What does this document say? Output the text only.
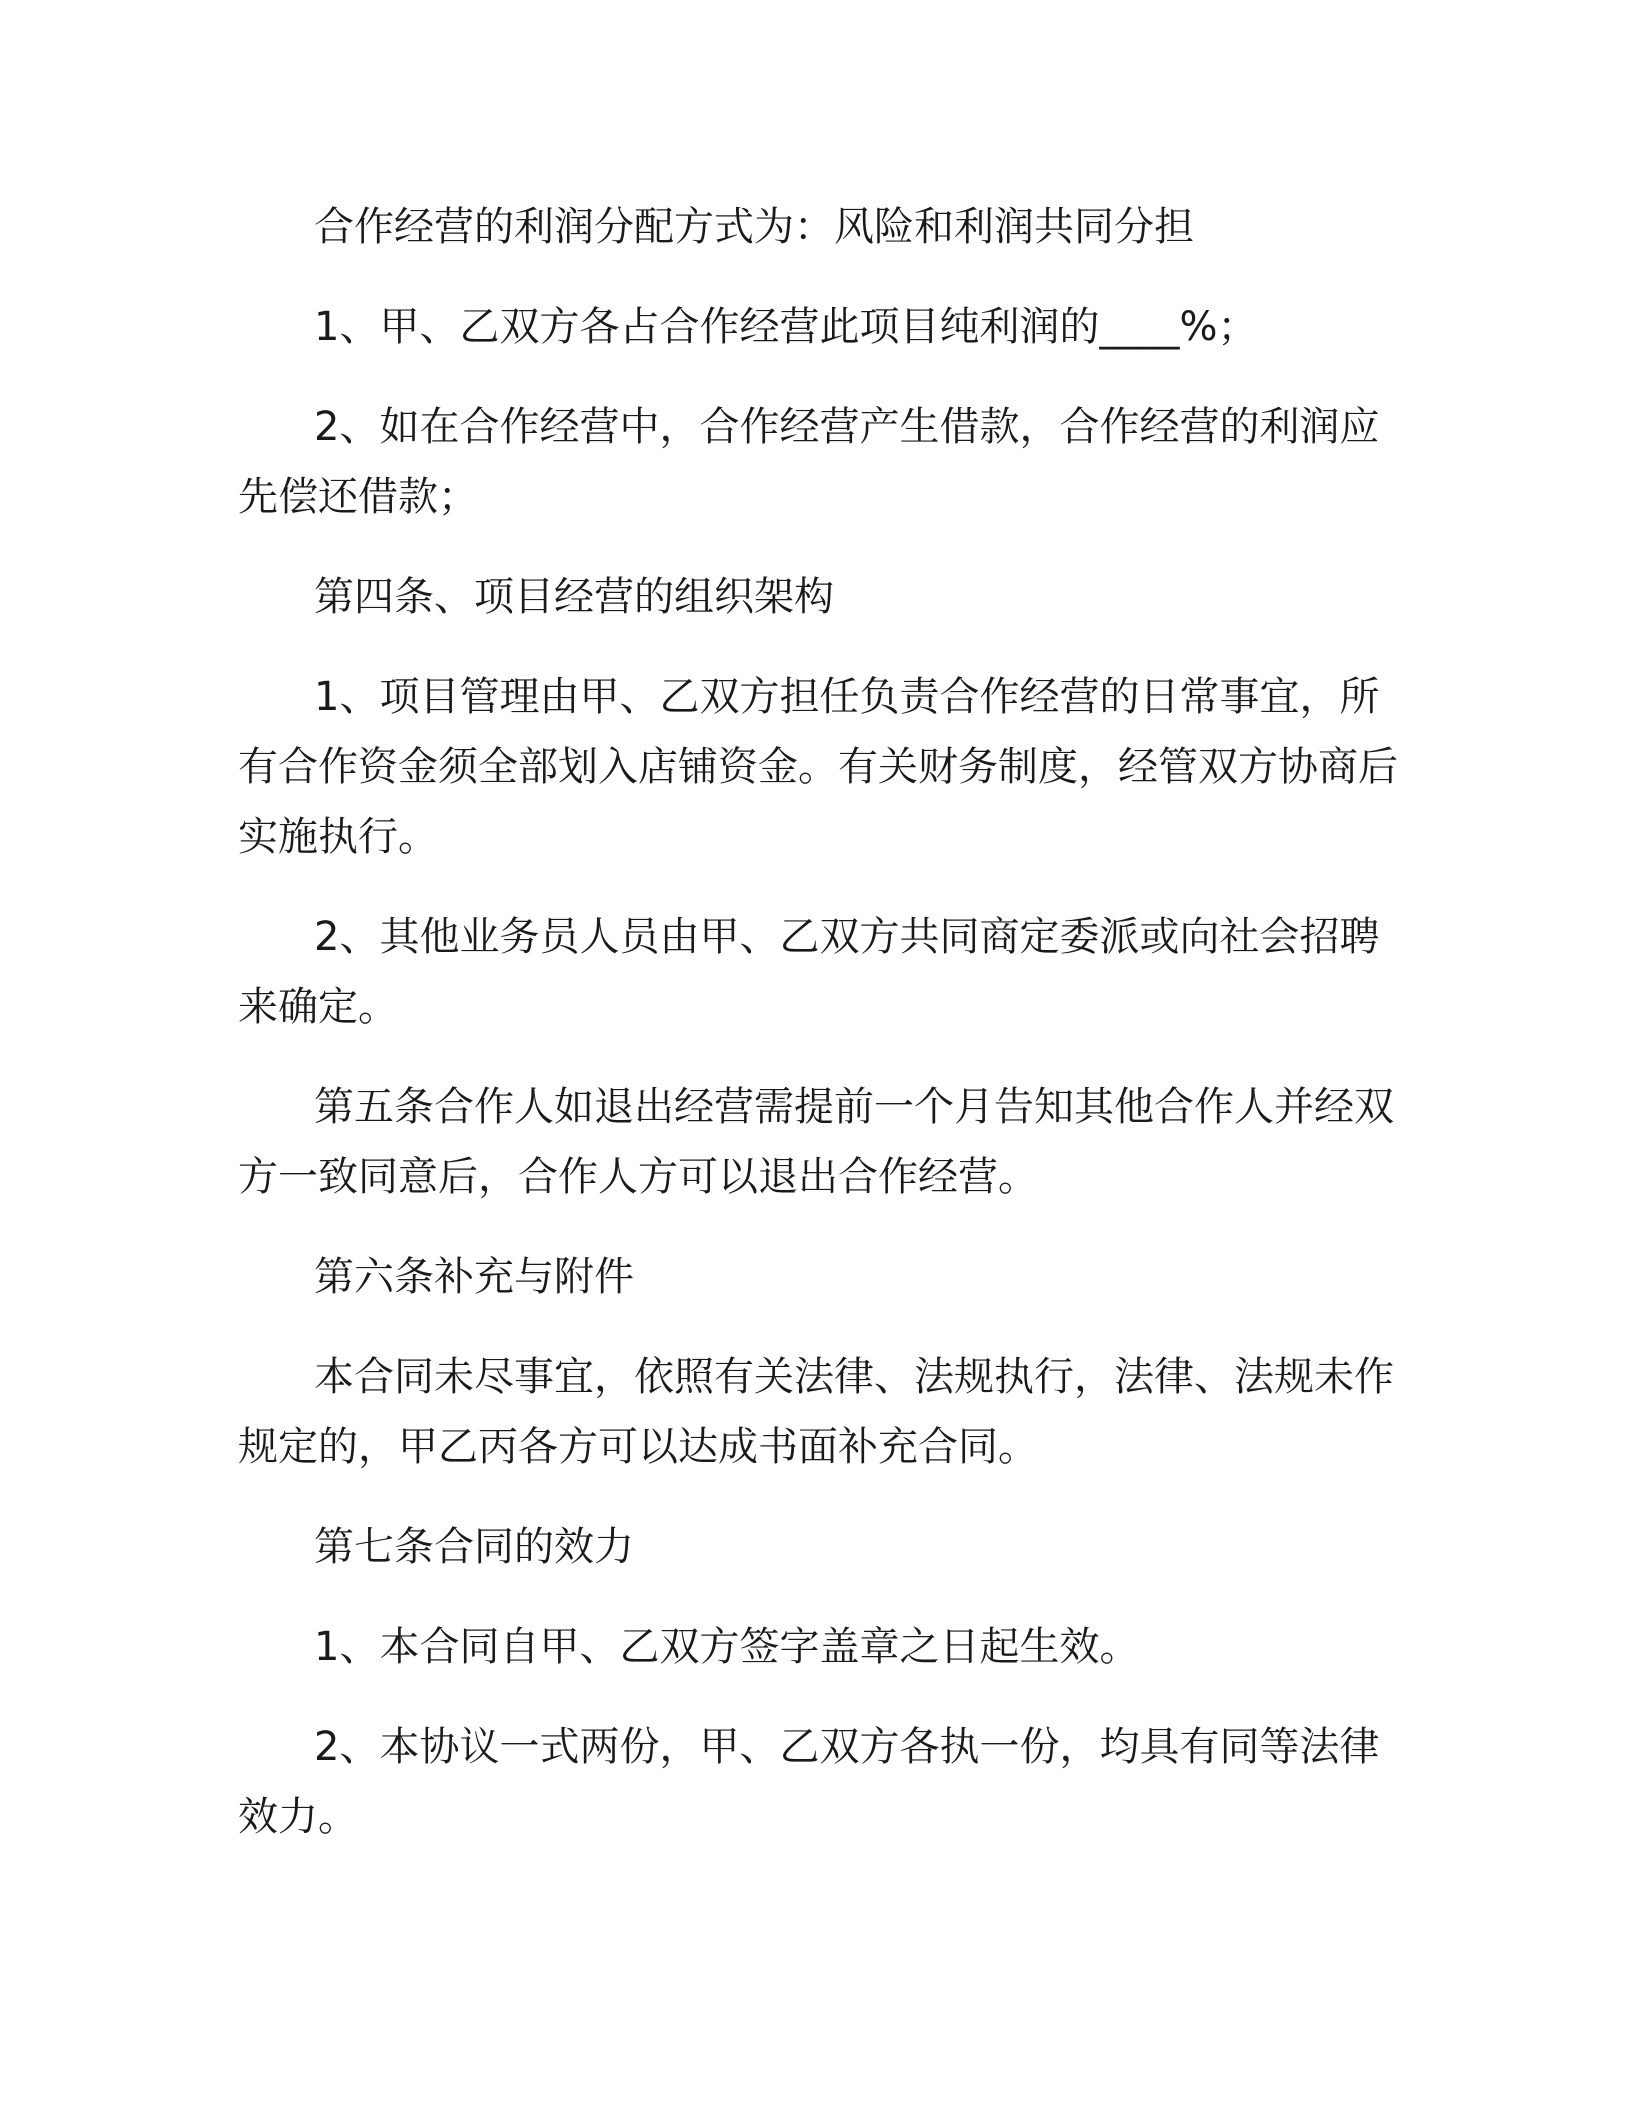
合作经营的利润分配方式为：风险和利润共同分担

1、甲、乙双方各占合作经营此项目纯利润的____%；

2、如在合作经营中，合作经营产生借款，合作经营的利润应先偿还借款；

第四条、项目经营的组织架构

1、项目管理由甲、乙双方担任负责合作经营的日常事宜，所有合作资金须全部划入店铺资金。有关财务制度，经管双方协商后实施执行。

2、其他业务员人员由甲、乙双方共同商定委派或向社会招聘来确定。

第五条合作人如退出经营需提前一个月告知其他合作人并经双方一致同意后，合作人方可以退出合作经营。

第六条补充与附件

本合同未尽事宜，依照有关法律、法规执行，法律、法规未作规定的，甲乙丙各方可以达成书面补充合同。

第七条合同的效力

1、本合同自甲、乙双方签字盖章之日起生效。

2、本协议一式两份，甲、乙双方各执一份，均具有同等法律效力。
